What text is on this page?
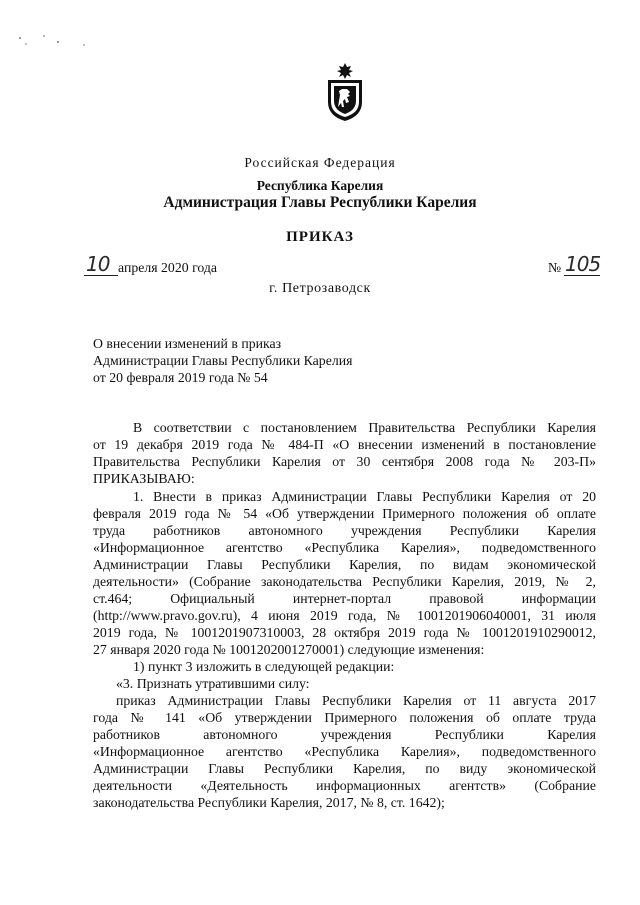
Российская Федерация

Республика Карелия

Администрация Главы Республики Карелия

ПРИКАЗ

10 апреля 2020 года	№ 105

г. Петрозаводск

О внесении изменений в приказ

Администрации Главы Республики Карелия

от 20 февраля 2019 года № 54

В соответствии с постановлением Правительства Республики Карелия

от 19 декабря 2019 года № 484-П «О внесении изменений в постановление

Правительства Республики Карелия от 30 сентября 2008 года № 203-П»

ПРИКАЗЫВАЮ:

1. Внести в приказ Администрации Главы Республики Карелия от 20

февраля 2019 года № 54 «Об утверждении Примерного положения об оплате

труда работников автономного учреждения Республики Карелия

«Информационное агентство «Республика Карелия», подведомственного

Администрации Главы Республики Карелия, по видам экономической

деятельности» (Собрание законодательства Республики Карелия, 2019, № 2,

ст.464; Официальный интернет-портал правовой информации

(http://www.pravo.gov.ru), 4 июня 2019 года, № 1001201906040001, 31 июля

2019 года, № 1001201907310003, 28 октября 2019 года № 1001201910290012,

27 января 2020 года № 1001202001270001) следующие изменения:

1) пункт 3 изложить в следующей редакции:

«3. Признать утратившими силу:

приказ Администрации Главы Республики Карелия от 11 августа 2017

года № 141 «Об утверждении Примерного положения об оплате труда

работников автономного учреждения Республики Карелия

«Информационное агентство «Республика Карелия», подведомственного

Администрации Главы Республики Карелия, по виду экономической

деятельности «Деятельность информационных агентств» (Собрание

законодательства Республики Карелия, 2017, № 8, ст. 1642);
